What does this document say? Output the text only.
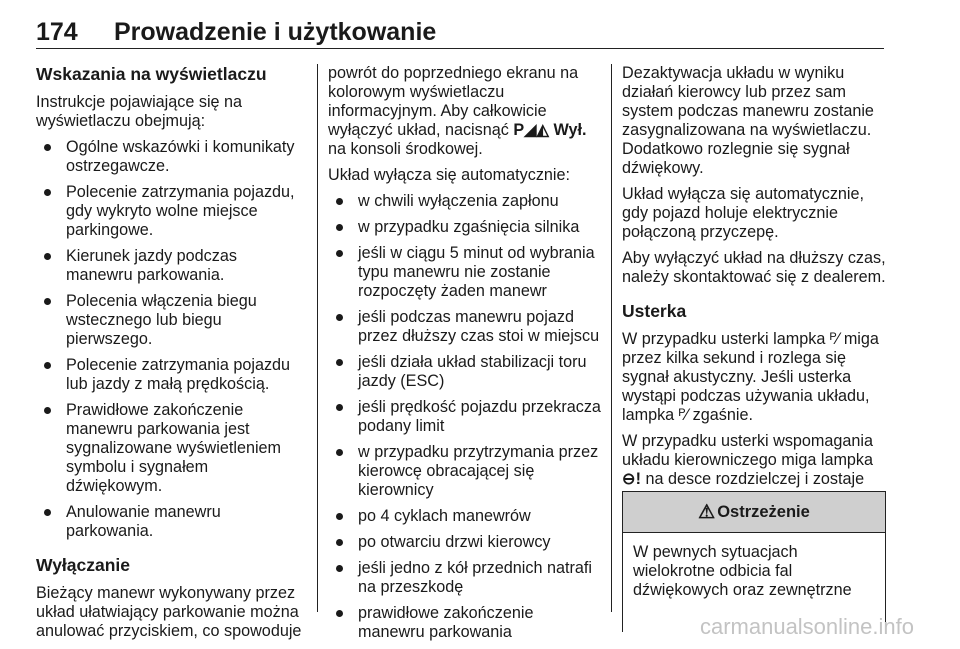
174 Prowadzenie i użytkowanie
Wskazania na wyświetlaczu

Instrukcje pojawiające się na wyświetlaczu obejmują:

Ogólne wskazówki i komunikaty ostrzegawcze.
Polecenie zatrzymania pojazdu, gdy wykryto wolne miejsce parkingowe.
Kierunek jazdy podczas manewru parkowania.
Polecenia włączenia biegu wstecznego lub biegu pierwszego.
Polecenie zatrzymania pojazdu lub jazdy z małą prędkością.
Prawidłowe zakończenie manewru parkowania jest sygnalizowane wyświetleniem symbolu i sygnałem dźwiękowym.
Anulowanie manewru parkowania.
Wyłączanie

Bieżący manewr wykonywany przez układ ułatwiający parkowanie można anulować przyciskiem, co spowoduje

powrót do poprzedniego ekranu na kolorowym wyświetlaczu informacyjnym. Aby całkowicie wyłączyć układ, nacisnąć P◢◭ Wył. na konsoli środkowej.

Układ wyłącza się automatycznie:

w chwili wyłączenia zapłonu
w przypadku zgaśnięcia silnika
jeśli w ciągu 5 minut od wybrania typu manewru nie zostanie rozpoczęty żaden manewr
jeśli podczas manewru pojazd przez dłuższy czas stoi w miejscu
jeśli działa układ stabilizacji toru jazdy (ESC)
jeśli prędkość pojazdu przekracza podany limit
w przypadku przytrzymania przez kierowcę obracającej się kierownicy
po 4 cyklach manewrów
po otwarciu drzwi kierowcy
jeśli jedno z kół przednich natrafi na przeszkodę
prawidłowe zakończenie manewru parkowania

Dezaktywacja układu w wyniku działań kierowcy lub przez sam system podczas manewru zostanie zasygnalizowana na wyświetlaczu. Dodatkowo rozlegnie się sygnał dźwiękowy.

Układ wyłącza się automatycznie, gdy pojazd holuje elektrycznie połączoną przyczepę.

Aby wyłączyć układ na dłuższy czas, należy skontaktować się z dealerem.

Usterka

W przypadku usterki lampka ᴾ⁄ miga przez kilka sekund i rozlega się sygnał akustyczny. Jeśli usterka wystąpi podczas używania układu, lampka ᴾ⁄ zgaśnie.

W przypadku usterki wspomagania układu kierowniczego miga lampka ⊖! na desce rozdzielczej i zostaje

⚠ Ostrzeżenie
W pewnych sytuacjach wielokrotne odbicia fal dźwiękowych oraz zewnętrzne
carmanualsonline.info
